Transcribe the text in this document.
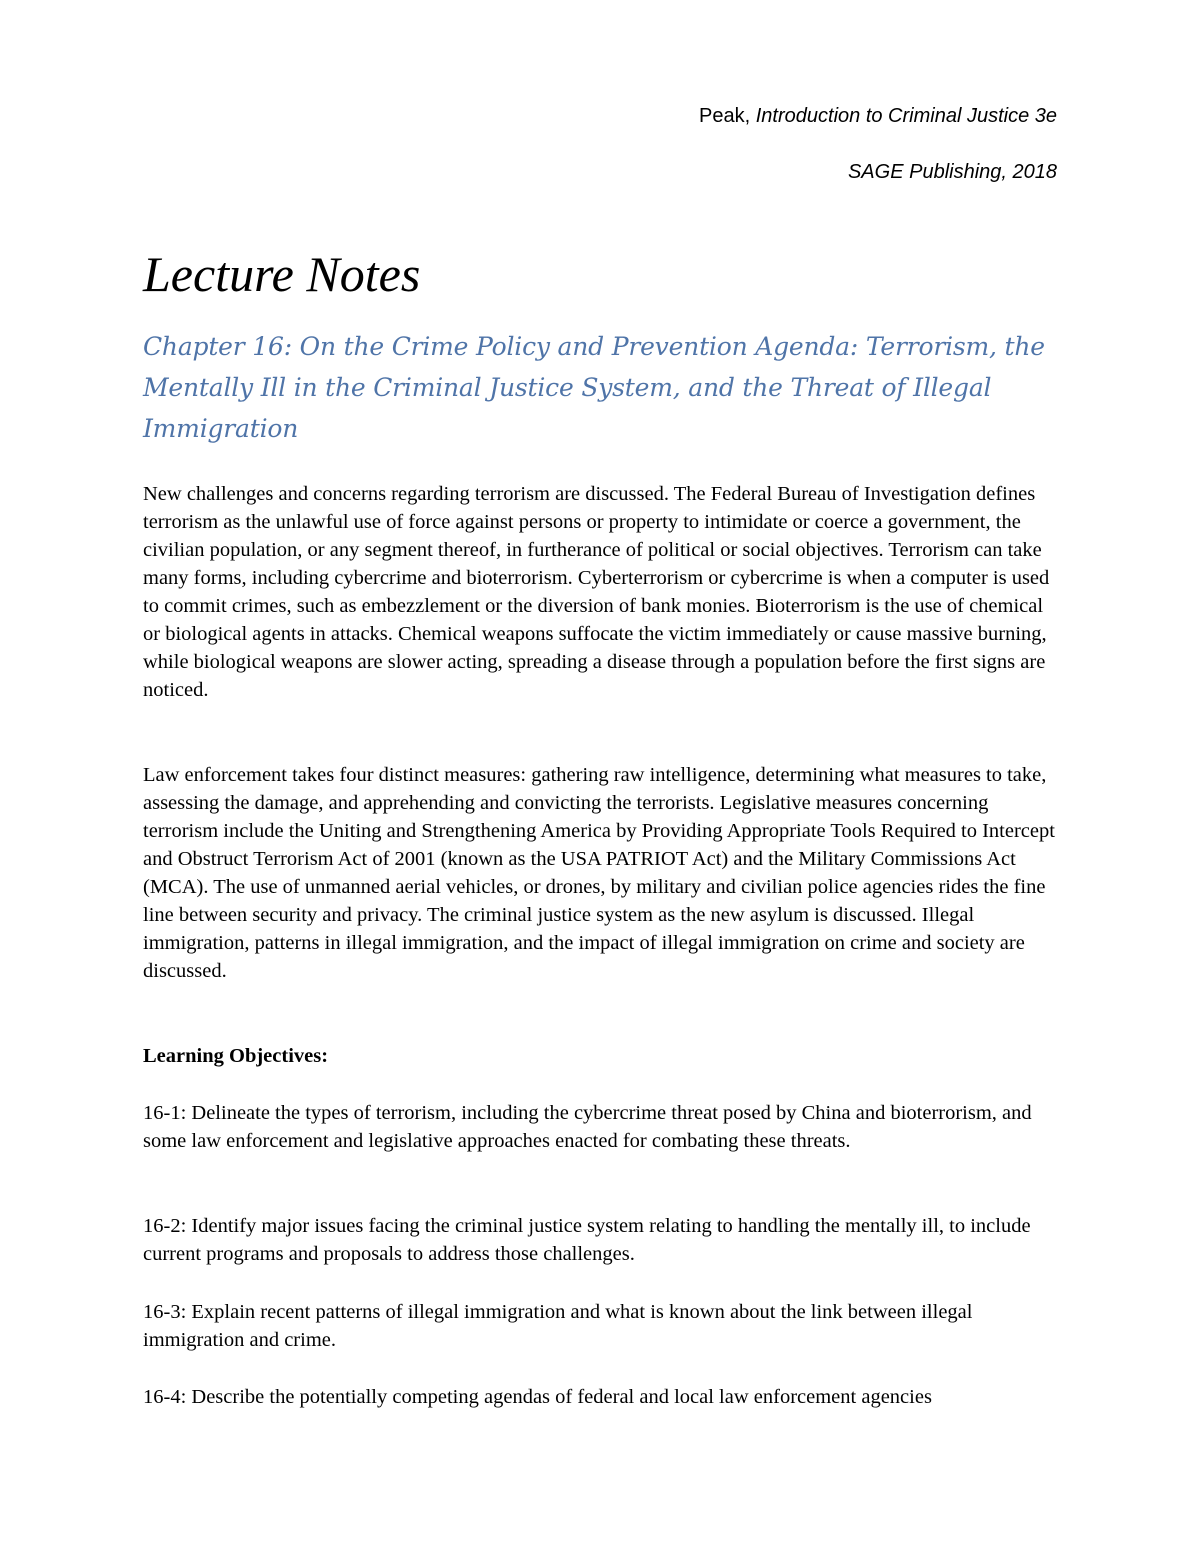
Peak, Introduction to Criminal Justice 3e
SAGE Publishing, 2018
Lecture Notes
Chapter 16: On the Crime Policy and Prevention Agenda: Terrorism, the Mentally Ill in the Criminal Justice System, and the Threat of Illegal Immigration

New challenges and concerns regarding terrorism are discussed. The Federal Bureau of Investigation defines terrorism as the unlawful use of force against persons or property to intimidate or coerce a government, the civilian population, or any segment thereof, in furtherance of political or social objectives. Terrorism can take many forms, including cybercrime and bioterrorism. Cyberterrorism or cybercrime is when a computer is used to commit crimes, such as embezzlement or the diversion of bank monies. Bioterrorism is the use of chemical or biological agents in attacks. Chemical weapons suffocate the victim immediately or cause massive burning, while biological weapons are slower acting, spreading a disease through a population before the first signs are noticed.

Law enforcement takes four distinct measures: gathering raw intelligence, determining what measures to take, assessing the damage, and apprehending and convicting the terrorists. Legislative measures concerning terrorism include the Uniting and Strengthening America by Providing Appropriate Tools Required to Intercept and Obstruct Terrorism Act of 2001 (known as the USA PATRIOT Act) and the Military Commissions Act (MCA). The use of unmanned aerial vehicles, or drones, by military and civilian police agencies rides the fine line between security and privacy. The criminal justice system as the new asylum is discussed. Illegal immigration, patterns in illegal immigration, and the impact of illegal immigration on crime and society are discussed.

Learning Objectives:

16-1: Delineate the types of terrorism, including the cybercrime threat posed by China and bioterrorism, and some law enforcement and legislative approaches enacted for combating these threats.

16-2: Identify major issues facing the criminal justice system relating to handling the mentally ill, to include current programs and proposals to address those challenges.

16-3: Explain recent patterns of illegal immigration and what is known about the link between illegal immigration and crime.

16-4: Describe the potentially competing agendas of federal and local law enforcement agencies
